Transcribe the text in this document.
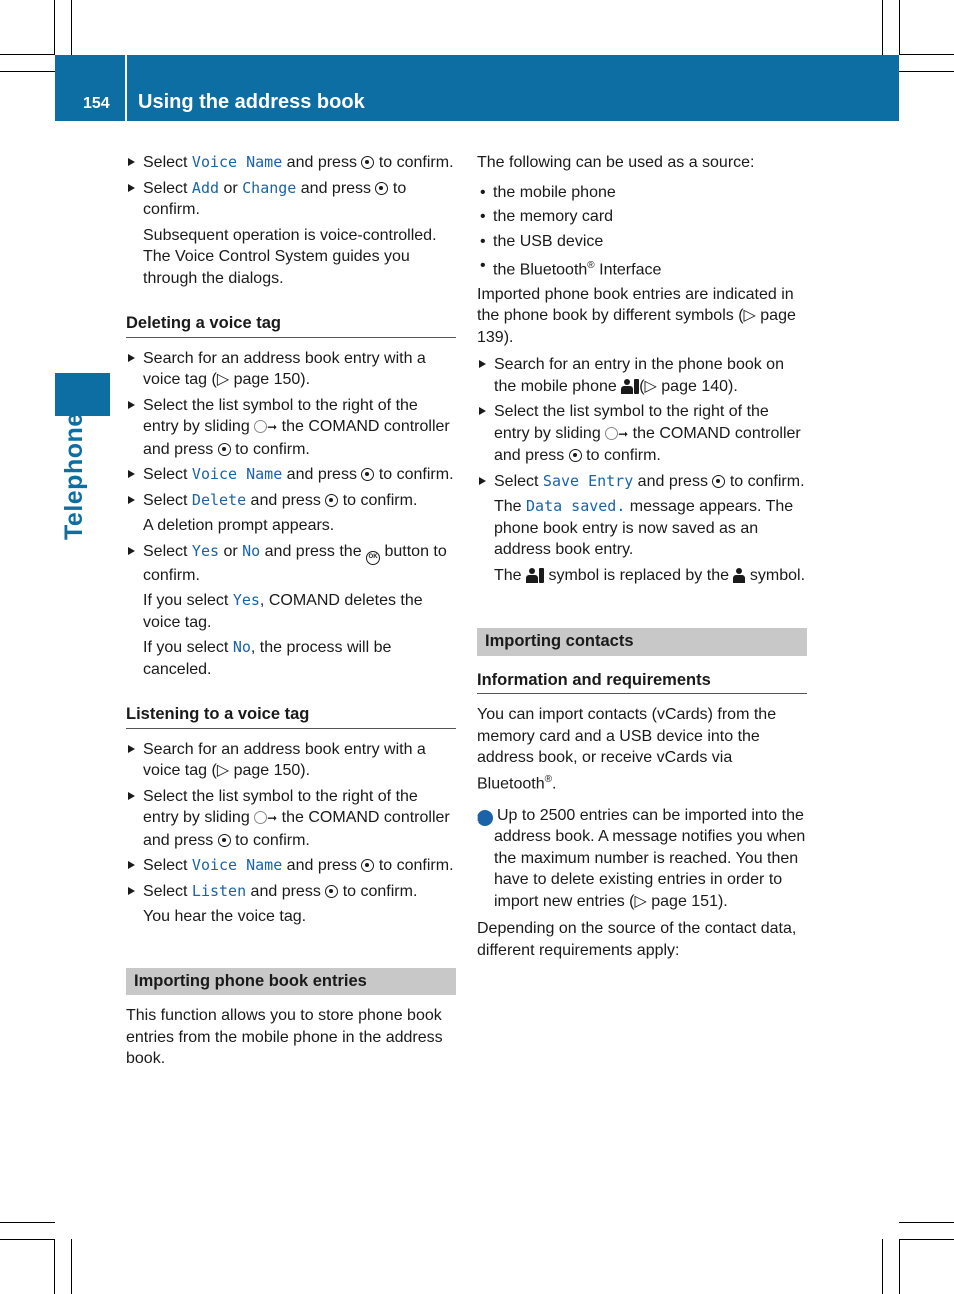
154 Using the address book
Telephone
Select Voice Name and press  to confirm.
Select Add or Change and press  to confirm.
Subsequent operation is voice-controlled. The Voice Control System guides you through the dialogs.
Deleting a voice tag
Search for an address book entry with a voice tag (▷ page 150).
Select the list symbol to the right of the entry by sliding ➞ the COMAND controller and press  to confirm.
Select Voice Name and press  to confirm.
Select Delete and press  to confirm.
A deletion prompt appears.
Select Yes or No and press the OK button to confirm.
If you select Yes, COMAND deletes the voice tag.
If you select No, the process will be canceled.
Listening to a voice tag
Search for an address book entry with a voice tag (▷ page 150).
Select the list symbol to the right of the entry by sliding ➞ the COMAND controller and press  to confirm.
Select Voice Name and press  to confirm.
Select Listen and press  to confirm.
You hear the voice tag.
Importing phone book entries
This function allows you to store phone book entries from the mobile phone in the address book.
The following can be used as a source:
• the mobile phone
• the memory card
• the USB device
• the Bluetooth® Interface
Imported phone book entries are indicated in the phone book by different symbols (▷ page 139).
Search for an entry in the phone book on the mobile phone (▷ page 140).
Select the list symbol to the right of the entry by sliding ➞ the COMAND controller and press  to confirm.
Select Save Entry and press  to confirm.
The Data saved. message appears. The phone book entry is now saved as an address book entry.
The  symbol is replaced by the  symbol.
Importing contacts
Information and requirements
You can import contacts (vCards) from the memory card and a USB device into the address book, or receive vCards via Bluetooth®.
i Up to 2500 entries can be imported into the address book. A message notifies you when the maximum number is reached. You then have to delete existing entries in order to import new entries (▷ page 151).
Depending on the source of the contact data, different requirements apply:
